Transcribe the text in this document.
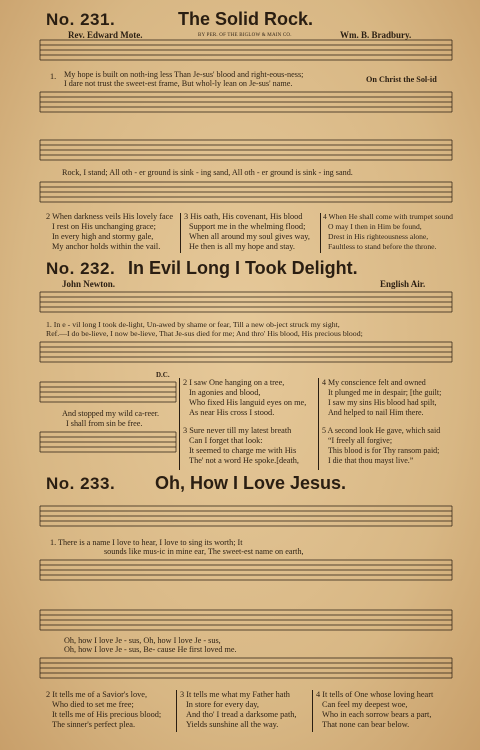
No. 231.	The Solid Rock.
Rev. Edward Mote.	BY PER. OF THE BIGLOW & MAIN CO.	Wm. B. Bradbury.
1. My hope is built on noth-ing less Than Je-sus' blood and right-eous-ness;
I dare not trust the sweet-est frame, But whol-ly lean on Je-sus' name.	On Christ the Sol-id
Rock, I stand; All oth - er ground is sink - ing sand, All oth - er ground is sink - ing sand.
2 When darkness veils His lovely face
I rest on His unchanging grace;
In every high and stormy gale,
My anchor holds within the vail.
3 His oath, His covenant, His blood
Support me in the whelming flood;
When all around my soul gives way,
He then is all my hope and stay.
4 When He shall come with trumpet sound
O may I then in Him be found,
Drest in His righteousness alone,
Faultless to stand before the throne.
No. 232. In Evil Long I Took Delight.
John Newton.	English Air.
1. In e - vil long I took de-light, Un-awed by shame or fear, Till a new ob-ject struck my sight,
Ref.—I do be-lieve, I now be-lieve, That Je-sus died for me; And thro' His blood, His precious blood;
D.C.
And stopped my wild ca-reer.
I shall from sin be free.
2 I saw One hanging on a tree,
In agonies and blood,
Who fixed His languid eyes on me,
As near His cross I stood.
3 Sure never till my latest breath
Can I forget that look:
It seemed to charge me with His
The' not a word He spoke.[death,
4 My conscience felt and owned
It plunged me in despair; [the guilt;
I saw my sins His blood had spilt,
And helped to nail Him there.
5 A second look He gave, which said
“I freely all forgive;
This blood is for Thy ransom paid;
I die that thou mayst live.”
No. 233. Oh, How I Love Jesus.
1. There is a name I love to hear, I love to sing its worth; It
sounds like mus-ic in mine ear, The sweet-est name on earth,
Oh, how I love Je - sus, Oh, how I love Je - sus,
Oh, how I love Je - sus, Be- cause He first loved me.
2 It tells me of a Savior's love,
Who died to set me free;
It tells me of His precious blood;
The sinner's perfect plea.
3 It tells me what my Father hath
In store for every day,
And tho' I tread a darksome path,
Yields sunshine all the way.
4 It tells of One whose loving heart
Can feel my deepest woe,
Who in each sorrow bears a part,
That none can bear below.
